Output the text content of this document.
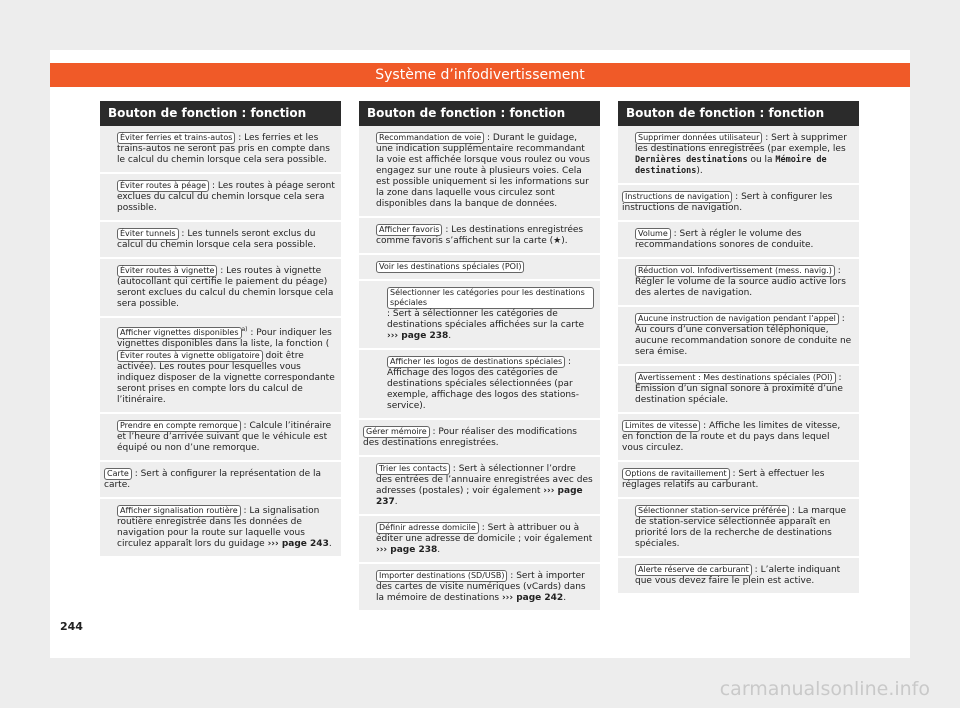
Système d’infodivertissement
Bouton de fonction : fonction
Éviter ferries et trains-autos : Les ferries et les trains-autos ne seront pas pris en compte dans le calcul du chemin lorsque cela sera possible.
Éviter routes à péage : Les routes à péage seront exclues du calcul du chemin lorsque cela sera possible.
Éviter tunnels : Les tunnels seront exclus du calcul du chemin lorsque cela sera possible.
Éviter routes à vignette : Les routes à vignette (autocollant qui certifie le paiement du péage) seront exclues du calcul du chemin lorsque cela sera possible.
Afficher vignettes disponibles $^{a)}$ : Pour indiquer les vignettes disponibles dans la liste, la fonction (Éviter routes à vignette obligatoire doit être activée). Les routes pour lesquelles vous indiquez disposer de la vignette correspondante seront prises en compte lors du calcul de l’itinéraire.
Prendre en compte remorque : Calcule l’itinéraire et l’heure d’arrivée suivant que le véhicule est équipé ou non d’une remorque.
Carte : Sert à configurer la représentation de la carte.
Afficher signalisation routière : La signalisation routière enregistrée dans les données de navigation pour la route sur laquelle vous circulez apparaît lors du guidage ››› page 243.
Bouton de fonction : fonction
Recommandation de voie : Durant le guidage, une indication supplémentaire recommandant la voie est affichée lorsque vous roulez ou vous engagez sur une route à plusieurs voies. Cela est possible uniquement si les informations sur la zone dans laquelle vous circulez sont disponibles dans la banque de données.
Afficher favoris : Les destinations enregistrées comme favoris s’affichent sur la carte (★).
Voir les destinations spéciales (POI)
Sélectionner les catégories pour les destinations spéciales : Sert à sélectionner les catégories de destinations spéciales affichées sur la carte ››› page 238.
Afficher les logos de destinations spéciales : Affichage des logos des catégories de destinations spéciales sélectionnées (par exemple, affichage des logos des stations-service).
Gérer mémoire : Pour réaliser des modifications des destinations enregistrées.
Trier les contacts : Sert à sélectionner l’ordre des entrées de l’annuaire enregistrées avec des adresses (postales) ; voir également ››› page 237.
Définir adresse domicile : Sert à attribuer ou à éditer une adresse de domicile ; voir également ››› page 238.
Importer destinations (SD/USB) : Sert à importer des cartes de visite numériques (vCards) dans la mémoire de destinations ››› page 242.
Bouton de fonction : fonction
Supprimer données utilisateur : Sert à supprimer les destinations enregistrées (par exemple, les Dernières destinations ou la Mémoire de destinations).
Instructions de navigation : Sert à configurer les instructions de navigation.
Volume : Sert à régler le volume des recommandations sonores de conduite.
Réduction vol. Infodivertissement (mess. navig.) : Régler le volume de la source audio active lors des alertes de navigation.
Aucune instruction de navigation pendant l’appel : Au cours d’une conversation téléphonique, aucune recommandation sonore de conduite ne sera émise.
Avertissement : Mes destinations spéciales (POI) : Émission d’un signal sonore à proximité d’une destination spéciale.
Limites de vitesse : Affiche les limites de vitesse, en fonction de la route et du pays dans lequel vous circulez.
Options de ravitaillement : Sert à effectuer les réglages relatifs au carburant.
Sélectionner station-service préférée : La marque de station-service sélectionnée apparaît en priorité lors de la recherche de destinations spéciales.
Alerte réserve de carburant : L’alerte indiquant que vous devez faire le plein est active.
244
carmanualsonline.info
